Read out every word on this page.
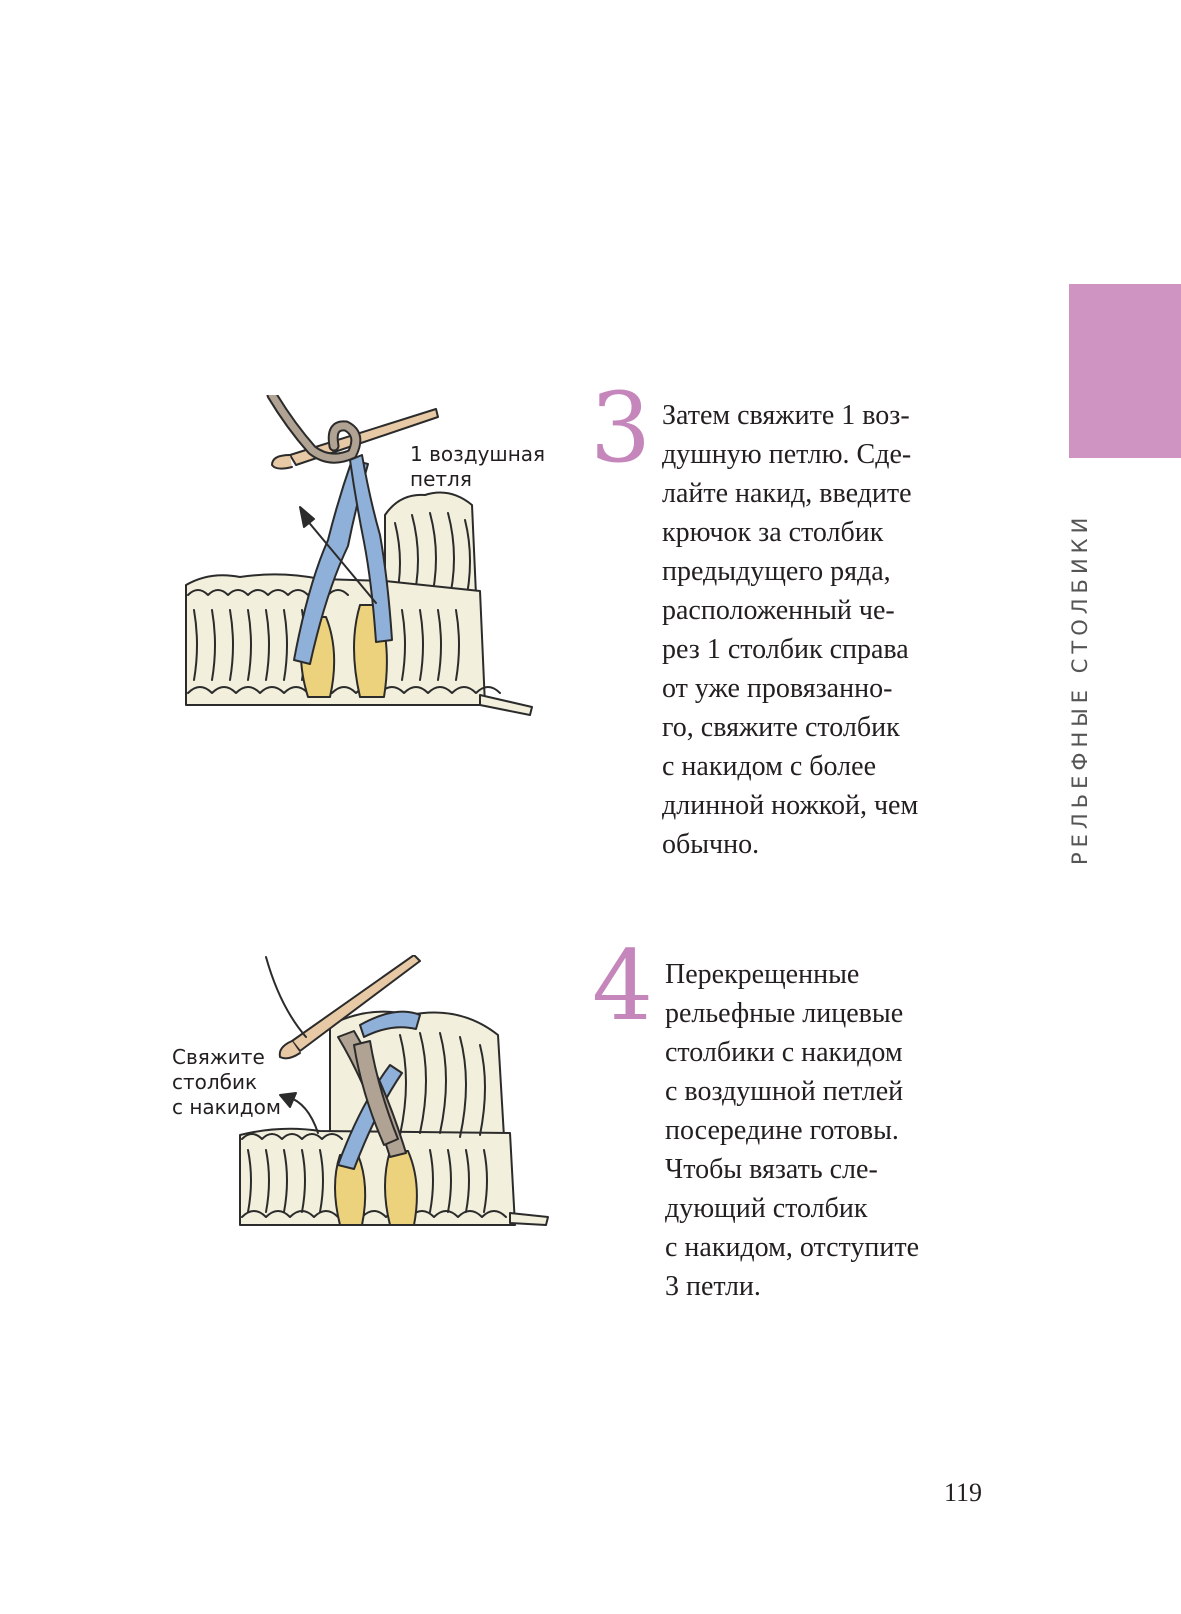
РЕЛЬЕФНЫЕ СТОЛБИКИ
1 воздушная
петля	3 Затем свяжите 1 воз-
душную петлю. Сде-
лайте накид, введите
крючок за столбик
предыдущего ряда,
расположенный че-
рез 1 столбик справа
от уже провязанно-
го, свяжите столбик
с накидом с более
длинной ножкой, чем
обычно.

Свяжите
столбик
с накидом
4 Перекрещенные
рельефные лицевые
столбики с накидом
с воздушной петлей
посередине готовы.
Чтобы вязать сле-
дующий столбик
с накидом, отступите
3 петли.

119
